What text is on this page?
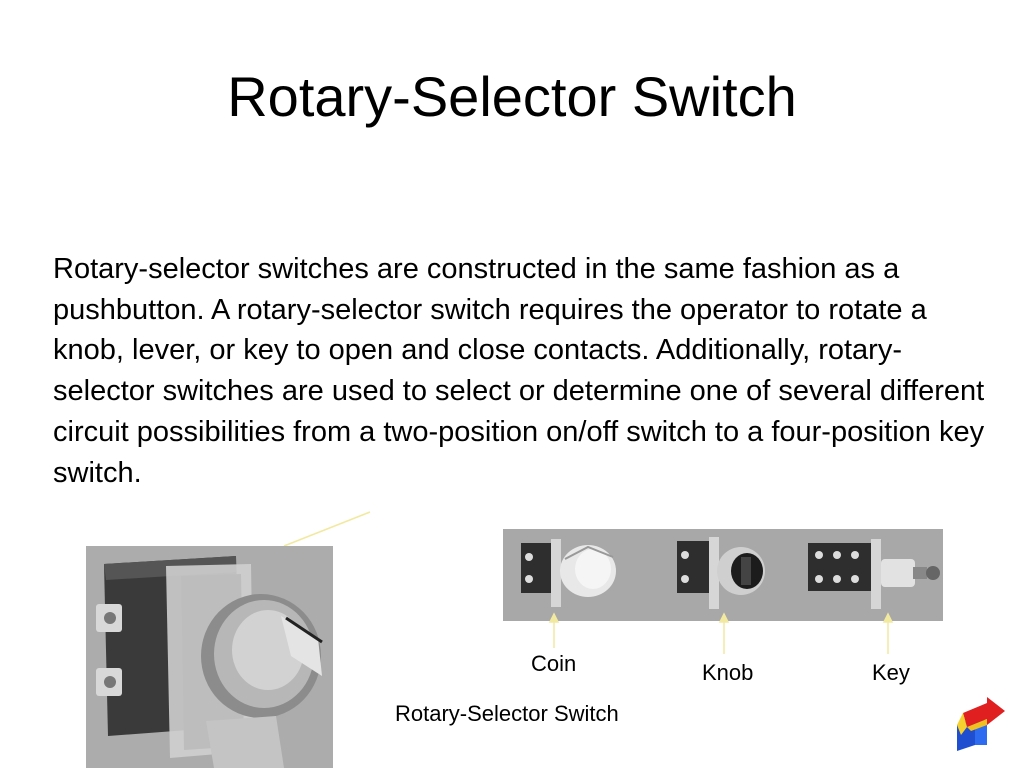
Rotary-Selector Switch

Rotary-selector switches are constructed in the same fashion as a pushbutton. A rotary-selector switch requires the operator to rotate a knob, lever, or key to open and close contacts. Additionally, rotary-selector switches are used to select or determine one of several different circuit possibilities from a two-position on/off switch to a four-position key switch.

Coin	Knob	Key
Rotary-Selector Switch
